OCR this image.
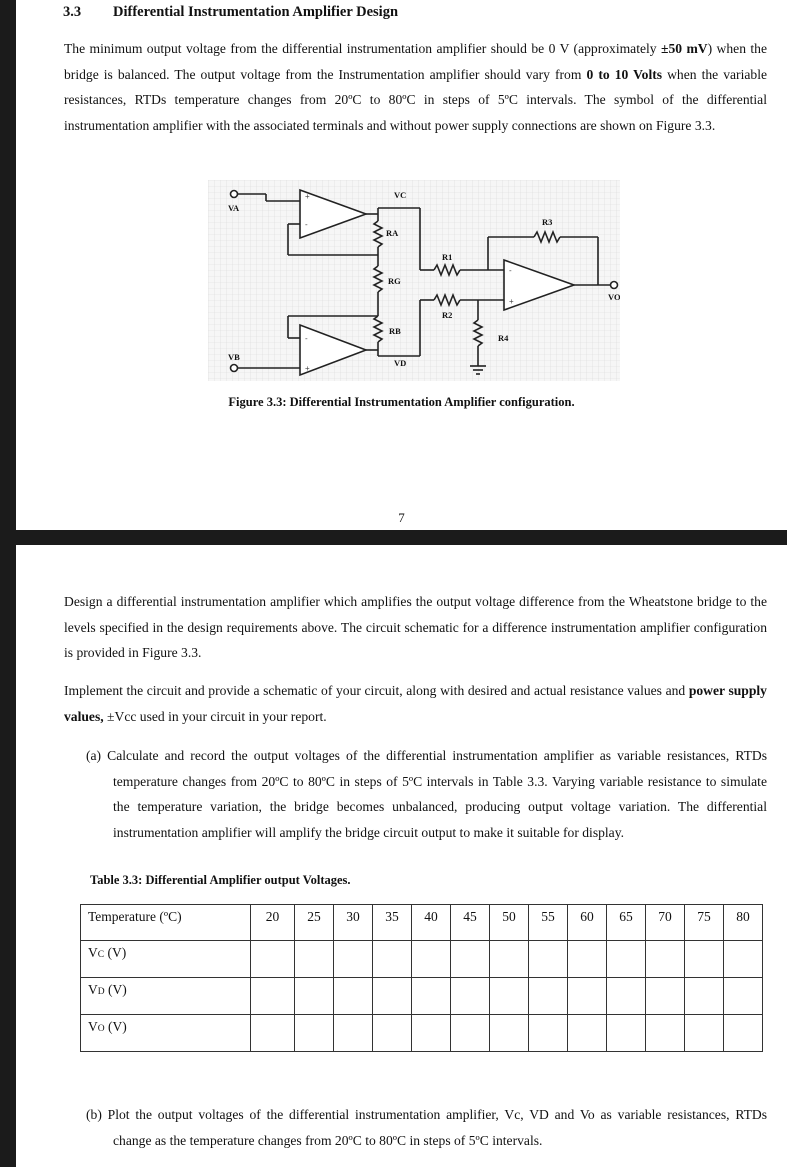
3.3 Differential Instrumentation Amplifier Design
The minimum output voltage from the differential instrumentation amplifier should be 0 V (approximately ±50 mV) when the bridge is balanced. The output voltage from the Instrumentation amplifier should vary from 0 to 10 Volts when the variable resistances, RTDs temperature changes from 20ºC to 80ºC in steps of 5ºC intervals. The symbol of the differential instrumentation amplifier with the associated terminals and without power supply connections are shown on Figure 3.3.
VA
VB
VC
VD
VO
RA
RG
RB
R1
R2
R3
R4
+
-
-
+
-
+
Figure 3.3: Differential Instrumentation Amplifier configuration.
7
Design a differential instrumentation amplifier which amplifies the output voltage difference from the Wheatstone bridge to the levels specified in the design requirements above. The circuit schematic for a difference instrumentation amplifier configuration is provided in Figure 3.3.
Implement the circuit and provide a schematic of your circuit, along with desired and actual resistance values and power supply values, ±Vcc used in your circuit in your report.
(a) Calculate and record the output voltages of the differential instrumentation amplifier as variable resistances, RTDs temperature changes from 20ºC to 80ºC in steps of 5ºC intervals in Table 3.3. Varying variable resistance to simulate the temperature variation, the bridge becomes unbalanced, producing output voltage variation. The differential instrumentation amplifier will amplify the bridge circuit output to make it suitable for display.
Table 3.3: Differential Amplifier output Voltages.
Temperature (ºC)	20	25	30	35	40	45	50	55	60	65	70	75	80
VC (V)													
VD (V)													
VO (V)													
(b) Plot the output voltages of the differential instrumentation amplifier, Vc, VD and Vo as variable resistances, RTDs change as the temperature changes from 20ºC to 80ºC in steps of 5ºC intervals.
